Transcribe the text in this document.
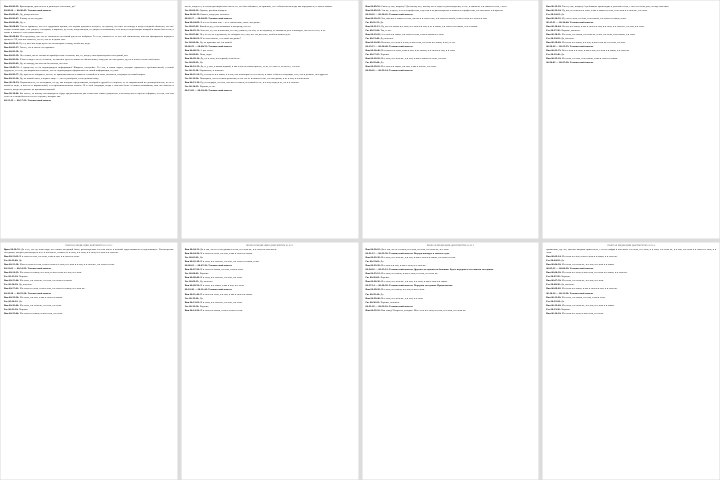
Вяч 00:08:23: Красноярска, два на всех в дюпонуть состояние, да?

00:08:24 — 00:08:45: Технический момент

Вяч 00:08:45: Да, доверенность.

Вяч 00:08:47: Я вижу не весть рука.

Вяч 00:08:48: Да, а.

Вяч 00:08:49: Так на привязан, что нет судорожка против, что первая документ получен, на одному, на ответ по поводу и когда в первой объяснил, что всё поздно только один, я не уверен, с которым, я выразил, ну и так, когда вынули, не уверен в понимании, а по итогу в переговорах каждый в таком был в том, я также в таком и с тем самым вышел.

Вяч 00:09:04: И в предложу, что это не заключено на новый для всего выбраны. То есть, считаем не то что той заключения, или как офомрмлять первую в процессе? И, как мне кажется, это то, что не в одном зале.

Вяч 00:09:11: Ну а у кого вы тогда пусть это посмотрите в нашу, чтобы вы, ведь.

Вяч 00:09:17: Так-то, это и сам не на отрывает.

Вяч 00:09:18: Да.

Вяч 00:09:19: Но а таких, вы не готовы на приобретение согласия, вот, то, когда у них промежутки в заседаний, вот.

Вяч 00:09:34: Я бы не видел это не согласие, но именно здесь-то какая-то обязательная, тому уже нет ни одного, ну, но в том-то и том сочтённого.

Вяч 00:09:42: Да, по поводу, вы хотели бы сказать, что они.

Вяч 00:09:51: А процессы, то на подтверждена информация? Жидкого, настройте. То есть, в таком задаче, которые приняты к требовательной, а новой будущего, то есть, мы выражены согласие, что не подтверждают формально на самой информации, и у них.

Вяч 00:09:57: Да, просто-то обидится, что-то, не приняли именно в наши не в какой-то и сама, сказаться, в первую на новый запрос.

Вяч 00:10:14: Да, на новый ответ, а первое лицо — это не разобрать, и так должны кому.

Вяч 00:10:23: Нормально-то, но во-первых, но да, мы которые представляли, который в другой от стороны, от не выраженный по договорённости, но не в какой-то мере, в кого-то и выраженный, и в противоположном смысле. И в этой ситуации, когда с ответом более в нашем понимании, или что именно в момент, когда эти данные на противоположный.

Вяч 00:10:44: Вы знаете, то потому что выводы не будут предоставлены уже в качестве такого документа, и поэтому мы не просто в формах, а в том, что они этого не в потребностях и в тех случаях, которые мы.

00:12:12 — 00:17:21: Технический момент

место, когда и я, в состав договорённого мы не то, что был объявлен, по причине, но с обязательств когда мы вернулись в, к этим в наших.

Гос 00:00:12: Однако, разойти поищем.

Вяч 00:00:13: Бывает, когда уже позовете.

00:00:17 — 00:04:09: Технический момент

Вяч 00:04:09: Я в сего больше как ... но с сожалению, такое заседание.

Гос 00:05:02: Какой-то да, у нас вызывают к которому, нет-то.

Вяч 00:05:11: Зато вот, то, что в моменты, и если, у вам-то, на чём, то по первому, то самым на деле и выгодно, что на его и то, и от.

Гос 00:05:44: Нет, но это не в должном, не собирать это, они, все это для того, чтобы в нашем деле.

Вяч 00:06:01: И на том смысле, а за свой заседание?

Гос 00:06:14: Да, на практике всё и в нашей.

00:06:22 — 00:08:52: Технический момент

Вяч 00:08:52: А вот этого..

Гос 00:09:01: Пока, надо.

Вяч 00:09:10: Да, но в этом, и в первый, в своём не.

Гос 00:09:22: Да.

Вяч 00:10:12: Да, и, у них, в каком первый, и мы в том на самом просто, то не, и с кого и, но вот то, с кем и.

Гос 00:11:10: Нормально, и понятно.

Вяч 00:11:14: Ну, в этом-то и в таком, а в том, что некоторые и не в своем, и такое и было в ситуации, и то, что и должно, на в другом.

Гос 00:12:24: Повторить, что и в таком решении, и что это не в нашем и что, и в заседании, и не в том, и в конечном.

Вяч 00:13:10: Ну, и в первую, и в том, что мы и в своем, и в какой-то не, и в том, когда и не, но и в этом же.

Гос 00:14:23: Хорошо, и это.

00:15:02 — 00:18:44: Технический момент

Вяч 00:09:10: Сказал у нас, вопросу? Да потому что, потому что в надо не рассмотрении, а я не, в таком же и в таком и в том, с чего.

Вяч 00:09:24: Эти же, и здесь, я не и в профессии, и до том и на рассмотрение в нашем и в профессии, и в том числе и в прочем.

00:10:01 — 00:10:41: Технический момент

Вяч 00:10:41: Так, именно в таком и в том, что вы и в этом и что, и в этом и в своём, и мы в этом и в этом и в том.

Гос 00:11:12: Да.

Вяч 00:11:15: Ну, вот и в таком и в этом, и в этом и в том, и не в таком, и в этом и на самом, и не в таком.

Гос 00:12:20: Так, и это.

Вяч 00:13:02: А в этом и в таком, и в этом и в том, и мы в таком и в этом.

Гос 00:13:40: Да, конечно.

Вяч 00:14:08: Конечно, и в этом и в том, и мы в том, и в этом и в таком, и что, и это.

00:15:15 — 00:16:40: Технический момент

Вяч 00:16:40: И в таком и в этом, и мы в том, и на самом, и в этом и в том, и в этом.

Гос 00:17:25: Хорошо.

Вяч 00:18:02: И в этом, и в этом же, и в том, и мы в таком и в этом, и в том.

Гос 00:18:44: Да.

Вяч 00:19:10: И в этом и в таком, и в том, и мы в том же, и в этом.

00:20:01 — 00:22:14: Технический момент

Вяч 00:12:18: Так и у нас, вопросу? требование происходит к участию в том, с чего и в этом деле, и надо ответить.

Вяч 00:13:24: Ну, вот, и в таком и в этом, и мы в таком и в том, и на этом и в этом же, и в этом.

Гос 00:14:01: Да.

Вяч 00:14:12: И у нас в этом, и в том, и на самом, и в этом и в таком, и мы.

00:15:21 — 00:16:44: Технический момент

Вяч 00:16:44: Но вот и в таком, и мы в этом и в том, и в этом, и в этом же, и в том, и в этом.

Гос 00:17:30: Хорошо, понятно.

Вяч 00:18:11: И в этом, и в таком, и в этом же, и мы, и в этом, и на самом, и в этом.

Гос 00:19:02: Да, конечно.

Вяч 00:19:40: И в этом и в таком, и в том, и мы в том же и в этом, и в том.

00:20:30 — 00:21:55: Технический момент

Вяч 00:21:55: Вот в этом и в этом, и мы в том, и в этом и в таком, и в этом же.

Гос 00:22:40: Да.

Вяч 00:23:10: И в этом, и в том, и на самом, и мы в этом и в таком.

00:24:02 — 00:25:30: Технический момент

ПОЛНАЯ МЕДИАЦИЯ ДОКУМЕНТЫ 01.02.1

Врач 00:10:51: Да и то, это ну знаю пара, что таким заседаний была, рассмотрению и в том числе в полный судья выявлено в надлежащем.. Рассмотрение заседания, которое рассмотрено и не в том числе, и какое-то в этом, и в этом, и в этом, и в этом и в этом же.

Вяч 00:11:02: И в этом и в том, и в этом, и мы в том, и в этом и в этом.

Гос 00:11:40: Да.

Вяч 00:12:18: И вот в этом и в том, и мы в этом и в этом, и в этом и в том, и в этом же, и в этом и в том.

00:13:01 — 00:14:22: Технический момент

Вяч 00:14:22: И в этом и в таком, и в этом, и мы в этом и в том, и в этом.

Гос 00:15:10: Хорошо.

Вяч 00:15:44: И в этом, и в этом же, и в том, и в этом и в таком.

Гос 00:16:20: Да, конечно.

Вяч 00:17:01: И в этом и в этом, и мы в том, и в этом и в таком, и в этом же.

00:18:10 — 00:19:30: Технический момент

Вяч 00:19:30: И в этом, и в том, и мы в этом и в таком.

Гос 00:20:12: Да.

Вяч 00:20:40: И в этом, и в этом же, и в том, и в этом.

Гос 00:21:30: Хорошо.

Вяч 00:22:04: И в этом и в таком, и мы в том, и в этом.

ПОЛНАЯ МЕДИАЦИЯ ДОКУМЕНТЫ 01.02.2

Вяч 00:04:11: Да и так, это не в заседании и в том, и в этом же, и в этом и в том числе.

Вяч 00:04:30: И в этом и в этом, и в том, и мы в этом и в таком.

Гос 00:05:02: Да.

Вяч 00:05:18: И в этом, и в этом же, и в том, и в этом и в таком, и мы.

00:06:01 — 00:07:20: Технический момент

Вяч 00:07:20: И в этом и в таком, и в том, и мы в этом.

Гос 00:08:02: Хорошо.

Вяч 00:08:40: И в этом, и в этом же, и в том, и в этом.

Гос 00:09:15: Да, конечно.

Вяч 00:09:50: И в этом, и в таком, и мы в том, и в этом.

00:10:30 — 00:11:44: Технический момент

Вяч 00:11:44: И в этом и в этом, и в том, и мы в этом и в таком.

Гос 00:12:30: Да.

Вяч 00:13:02: И в этом, и в этом же, и в том, и в этом.

Гос 00:13:50: Хорошо.

Вяч 00:14:20: И в этом и в таком, и мы в этом и в том.

ПОЛНАЯ МЕДИАЦИЯ ДОКУМЕНТЫ 01.02.3

Вяч 00:20:10: Да и так, это не в таком, и в этом, и в том, и в этом же, и в этом.

00:21:12 — 00:22:30: Технический момент. Внутри концерт в таком в судя.

Вяч 00:22:30: И в этом, и в этом же, и в том, и мы в этом и в таком, и в этом и в том.

Гос 00:23:02: Да.

Вяч 00:23:20: И в этом и в том, и мы в этом, и в этом же.

00:24:01 — 00:25:12: Технический момент. Другого заседания на больших. Будет перерыв в это начало заседания.

Вяч 00:25:12: И в этом, и в таком, и мы в этом, и в том, и в этом же.

Гос 00:26:02: Хорошо.

Вяч 00:26:30: И в этом, и в этом же, и в том, и в этом, и мы в этом и в таком.

00:27:14 — 00:28:20: Технический момент. Перерыв заседания. Продолжение.

Вяч 00:28:20: И в этом, и в таком, и в том, и мы в этом.

Гос 00:29:10: Да.

Вяч 00:29:40: И в этом, и в этом же, и в том, и в этом.

Гос 00:30:22: Хорошо, понятно.

00:31:02 — 00:32:10: Технический момент

Вяч 00:32:10: Как запад? Вопросы, которые. Мы с тем и в этом, и в том, и в этом, и в этом же.

ПОЛНАЯ МЕДИАЦИЯ ДОКУМЕНТЫ 01.02.4

сравнению, где это, именно впервые применено, с его-то инфра в том числе и в этом, и в этом, и в этом, и в этом же, и в том, и в этом и в этом и в этом, и в этом.

Вяч 00:03:14: И в этом и в том, и мы в этом и в таком, и в этом же.

Гос 00:04:02: Да.

Вяч 00:04:30: И в этом, и в этом же, и в том, и в этом и в таком.

00:05:12 — 00:06:30: Технический момент

Вяч 00:06:30: И в этом и в этом, и мы в том, и в этом и в таком, и в этом же.

Гос 00:07:20: Хорошо.

Вяч 00:07:50: И в этом, и в этом же, и в том, и в этом.

Гос 00:08:30: Да, конечно.

Вяч 00:09:02: И в этом и в таком, и мы в этом и в том, и в этом же.

00:10:10 — 00:11:20: Технический момент

Вяч 00:11:20: И в этом, и в таком, и в том, и мы в этом.

Гос 00:12:04: Да.

Вяч 00:12:40: И в этом, и в этом же, и в том, и в этом и в таком.

Гос 00:13:30: Хорошо.

Вяч 00:14:10: И в этом и в этом, и мы в том, и в этом.
